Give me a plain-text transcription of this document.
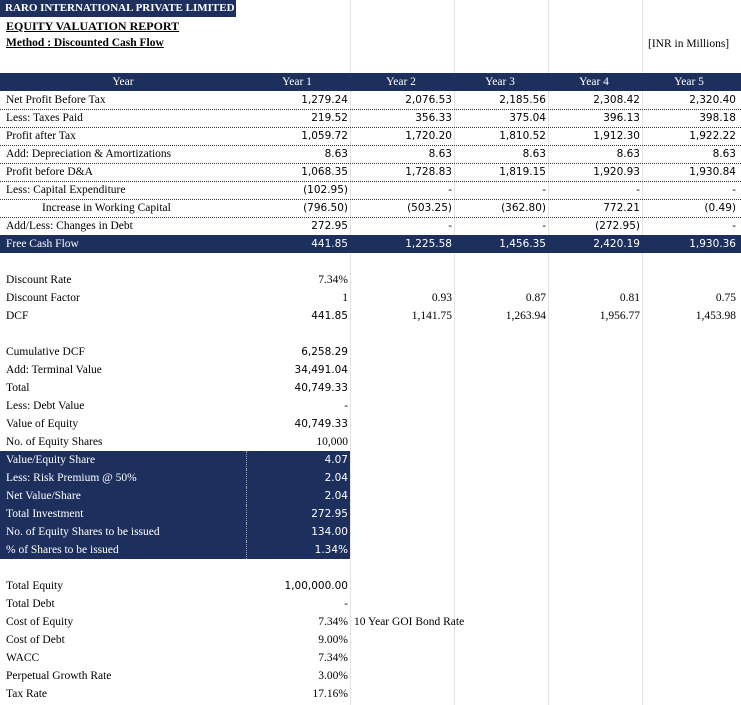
RARO INTERNATIONAL PRIVATE LIMITED
EQUITY VALUATION REPORT
Method : Discounted Cash Flow	[INR in Millions]
Year	Year 1	Year 2	Year 3	Year 4	Year 5
Net Profit Before Tax	1,279.24	2,076.53	2,185.56	2,308.42	2,320.40
Less: Taxes Paid	219.52	356.33	375.04	396.13	398.18
Profit after Tax	1,059.72	1,720.20	1,810.52	1,912.30	1,922.22
Add: Depreciation & Amortizations	8.63	8.63	8.63	8.63	8.63
Profit before D&A	1,068.35	1,728.83	1,819.15	1,920.93	1,930.84
Less: Capital Expenditure	(102.95)	-	-	-	-
Increase in Working Capital	(796.50)	(503.25)	(362.80)	772.21	(0.49)
Add/Less: Changes in Debt	272.95	-	-	(272.95)	-
Free Cash Flow	441.85	1,225.58	1,456.35	2,420.19	1,930.36
Discount Rate	7.34%
Discount Factor	1	0.93	0.87	0.81	0.75
DCF	441.85	1,141.75	1,263.94	1,956.77	1,453.98
Cumulative DCF	6,258.29
Add: Terminal Value	34,491.04
Total	40,749.33
Less: Debt Value	-
Value of Equity	40,749.33
No. of Equity Shares	10,000
Value/Equity Share	4.07
Less: Risk Premium @ 50%	2.04
Net Value/Share	2.04
Total Investment	272.95
No. of Equity Shares to be issued	134.00
% of Shares to be issued	1.34%
Total Equity	1,00,000.00
Total Debt	-
Cost of Equity	7.34% 10 Year GOI Bond Rate
Cost of Debt	9.00%
WACC	7.34%
Perpetual Growth Rate	3.00%
Tax Rate	17.16%
